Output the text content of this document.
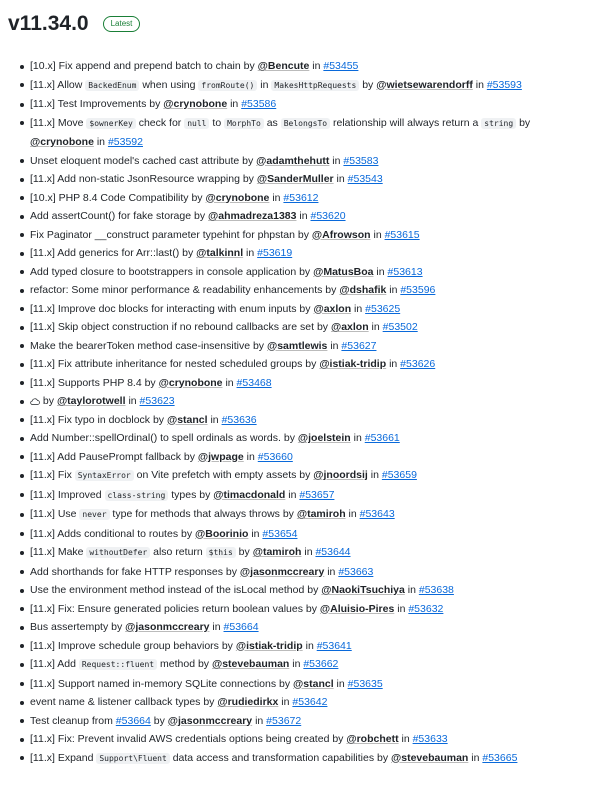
v11.34.0	Latest
[10.x] Fix append and prepend batch to chain by @Bencute in #53455
[11.x] Allow BackedEnum when using fromRoute() in MakesHttpRequests by @wietsewarendorff in #53593
[11.x] Test Improvements by @crynobone in #53586
[11.x] Move $ownerKey check for null to MorphTo as BelongsTo relationship will always return a string by @crynobone in #53592
Unset eloquent model's cached cast attribute by @adamthehutt in #53583
[11.x] Add non-static JsonResource wrapping by @SanderMuller in #53543
[10.x] PHP 8.4 Code Compatibility by @crynobone in #53612
Add assertCount() for fake storage by @ahmadreza1383 in #53620
Fix Paginator __construct parameter typehint for phpstan by @Afrowson in #53615
[11.x] Add generics for Arr::last() by @talkinnl in #53619
Add typed closure to bootstrappers in console application by @MatusBoa in #53613
refactor: Some minor performance & readability enhancements by @dshafik in #53596
[11.x] Improve doc blocks for interacting with enum inputs by @axlon in #53625
[11.x] Skip object construction if no rebound callbacks are set by @axlon in #53502
Make the bearerToken method case-insensitive by @samtlewis in #53627
[11.x] Fix attribute inheritance for nested scheduled groups by @istiak-tridip in #53626
[11.x] Supports PHP 8.4 by @crynobone in #53468
by @taylorotwell in #53623
[11.x] Fix typo in docblock by @stancl in #53636
Add Number::spellOrdinal() to spell ordinals as words. by @joelstein in #53661
[11.x] Add PausePrompt fallback by @jwpage in #53660
[11.x] Fix SyntaxError on Vite prefetch with empty assets by @jnoordsij in #53659
[11.x] Improved class-string types by @timacdonald in #53657
[11.x] Use never type for methods that always throws by @tamiroh in #53643
[11.x] Adds conditional to routes by @Boorinio in #53654
[11.x] Make withoutDefer also return $this by @tamiroh in #53644
Add shorthands for fake HTTP responses by @jasonmccreary in #53663
Use the environment method instead of the isLocal method by @NaokiTsuchiya in #53638
[11.x] Fix: Ensure generated policies return boolean values by @Aluisio-Pires in #53632
Bus assertempty by @jasonmccreary in #53664
[11.x] Improve schedule group behaviors by @istiak-tridip in #53641
[11.x] Add Request::fluent method by @stevebauman in #53662
[11.x] Support named in-memory SQLite connections by @stancl in #53635
event name & listener callback types by @rudiedirkx in #53642
Test cleanup from #53664 by @jasonmccreary in #53672
[11.x] Fix: Prevent invalid AWS credentials options being created by @robchett in #53633
[11.x] Expand Support\Fluent data access and transformation capabilities by @stevebauman in #53665
